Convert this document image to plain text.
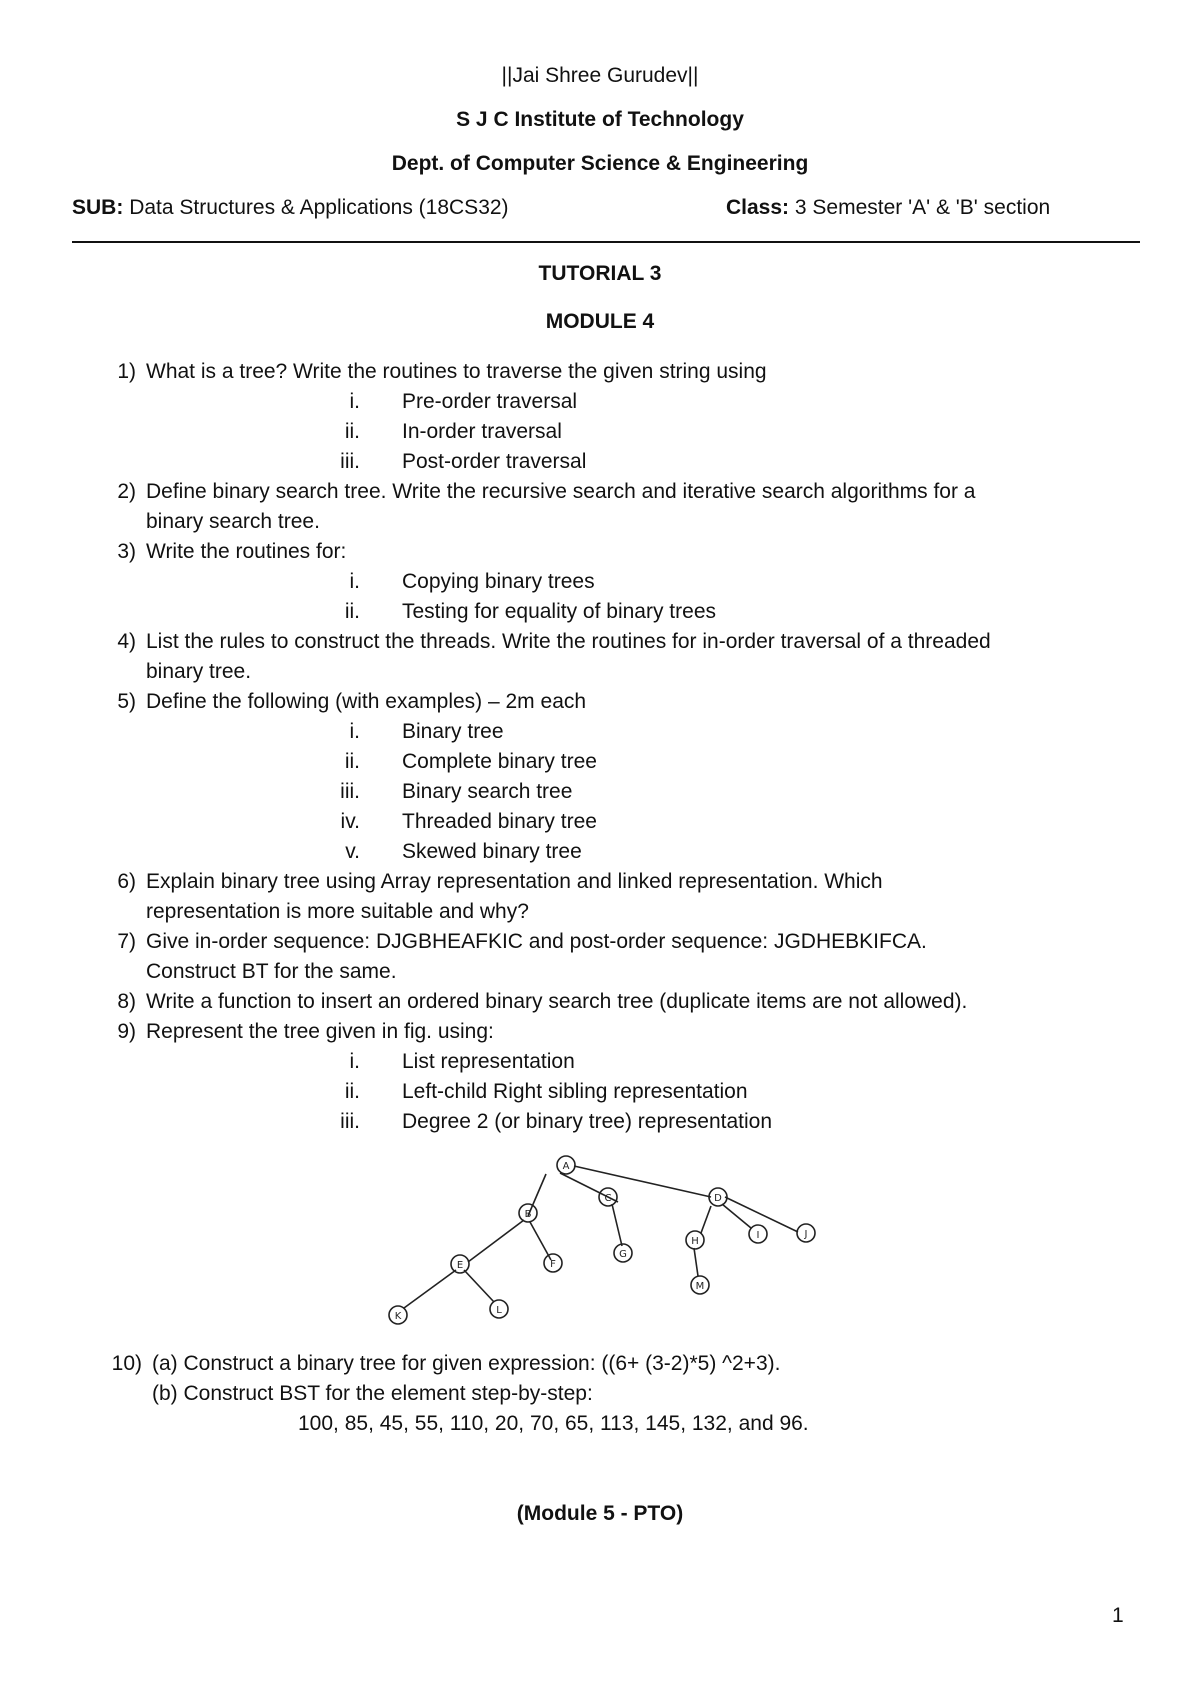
||Jai Shree Gurudev||
S J C Institute of Technology
Dept. of Computer Science & Engineering
SUB: Data Structures & Applications (18CS32)	Class: 3 Semester 'A' & 'B' section
TUTORIAL 3
MODULE 4
1) What is a tree? Write the routines to traverse the given string using
i. Pre-order traversal
ii. In-order traversal
iii. Post-order traversal
2) Define binary search tree. Write the recursive search and iterative search algorithms for a
binary search tree.
3) Write the routines for:
i. Copying binary trees
ii. Testing for equality of binary trees
4) List the rules to construct the threads. Write the routines for in-order traversal of a threaded
binary tree.
5) Define the following (with examples) – 2m each
i. Binary tree
ii. Complete binary tree
iii. Binary search tree
iv. Threaded binary tree
v. Skewed binary tree
6) Explain binary tree using Array representation and linked representation. Which
representation is more suitable and why?
7) Give in-order sequence: DJGBHEAFKIC and post-order sequence: JGDHEBKIFCA.
Construct BT for the same.
8) Write a function to insert an ordered binary search tree (duplicate items are not allowed).
9) Represent the tree given in fig. using:
i. List representation
ii. Left-child Right sibling representation
iii. Degree 2 (or binary tree) representation
A
B
C	D
E	F
G
H
I	J
K
L
M
10) (a) Construct a binary tree for given expression: ((6+ (3-2)*5) ^2+3).
(b) Construct BST for the element step-by-step:
100, 85, 45, 55, 110, 20, 70, 65, 113, 145, 132, and 96.
(Module 5 - PTO)
1
